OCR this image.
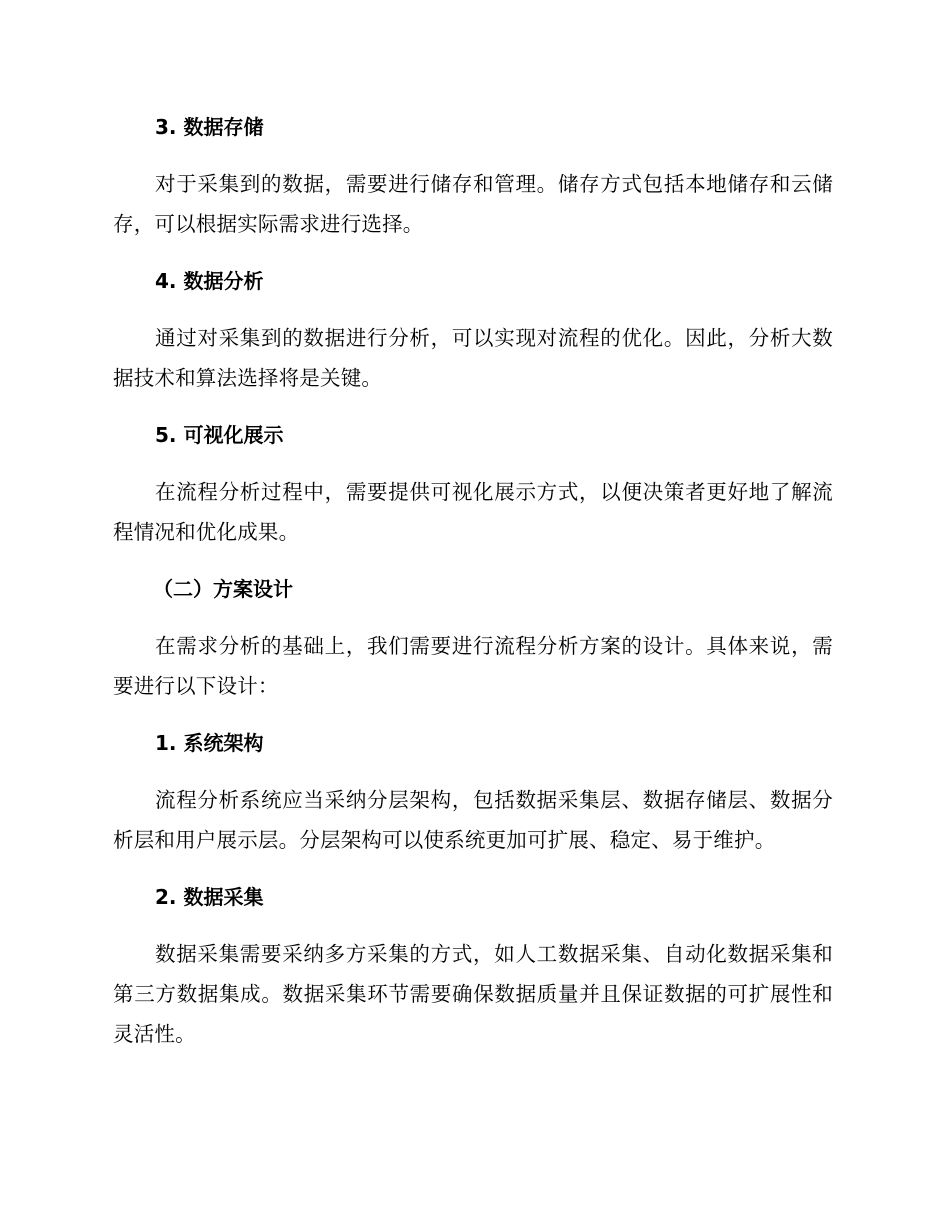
3. 数据存储

对于采集到的数据，需要进行储存和管理。储存方式包括本地储存和云储存，可以根据实际需求进行选择。

4. 数据分析

通过对采集到的数据进行分析，可以实现对流程的优化。因此，分析大数据技术和算法选择将是关键。

5. 可视化展示

在流程分析过程中，需要提供可视化展示方式，以便决策者更好地了解流程情况和优化成果。

（二）方案设计

在需求分析的基础上，我们需要进行流程分析方案的设计。具体来说，需要进行以下设计：

1. 系统架构

流程分析系统应当采纳分层架构，包括数据采集层、数据存储层、数据分析层和用户展示层。分层架构可以使系统更加可扩展、稳定、易于维护。

2. 数据采集

数据采集需要采纳多方采集的方式，如人工数据采集、自动化数据采集和第三方数据集成。数据采集环节需要确保数据质量并且保证数据的可扩展性和灵活性。
